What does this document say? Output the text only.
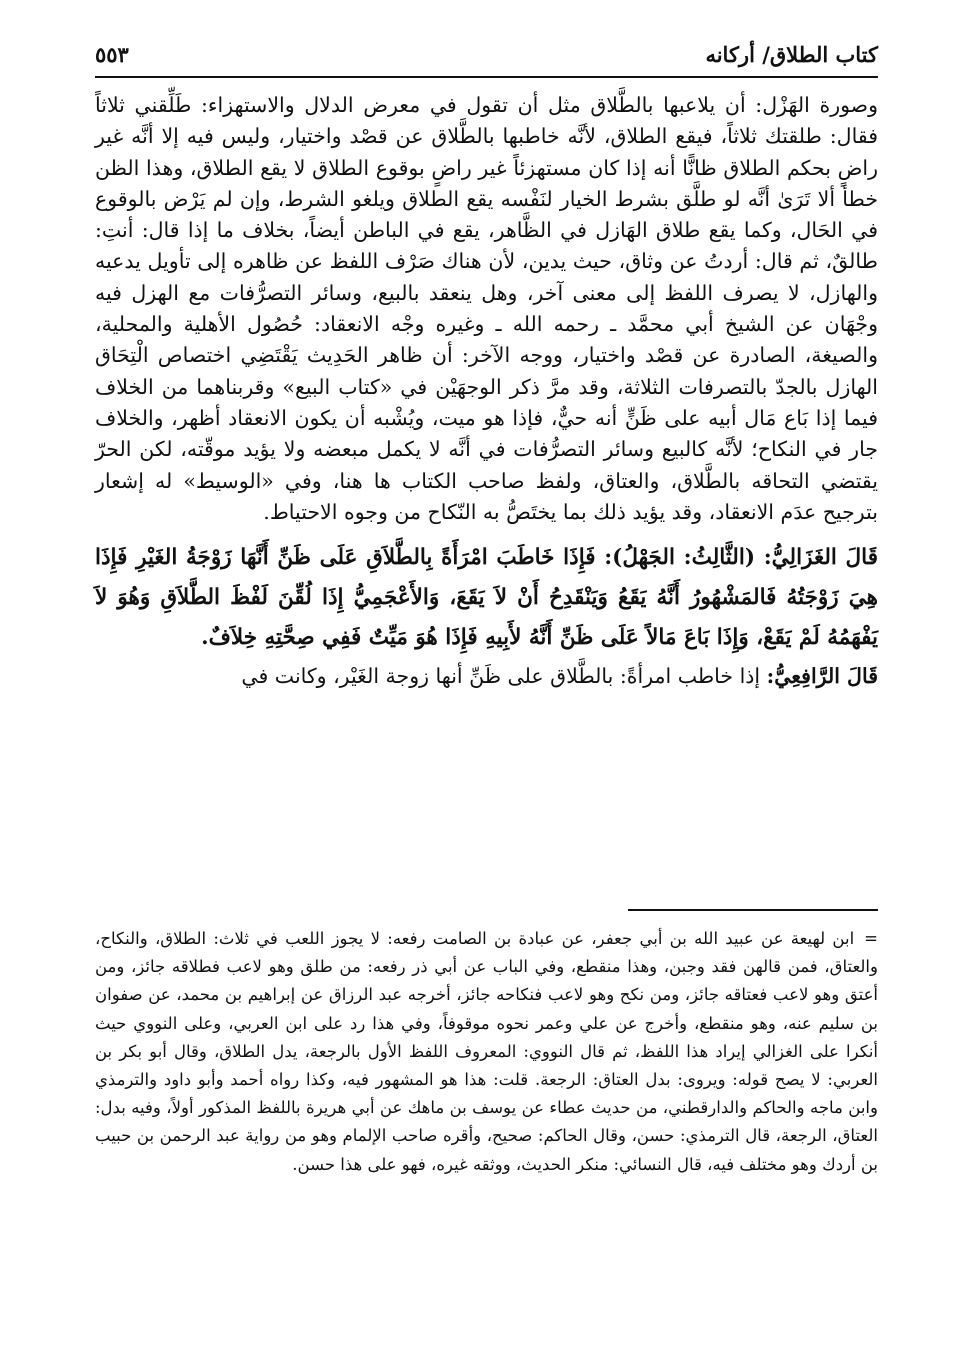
كتاب الطلاق/ أركانه
٥٥٣

وصورة الهَزْل: أن يلاعبها بالطَّلاق مثل أن تقول في معرض الدلال والاستهزاء: طَلِّقني ثلاثاً فقال: طلقتك ثلاثاً، فيقع الطلاق، لأنَّه خاطبها بالطَّلاق عن قصْد واختيار، وليس فيه إلا أنَّه غير راضٍ بحكم الطلاق ظانًّا أنه إذا كان مستهزئاً غير راضٍ بوقوع الطلاق لا يقع الطلاق، وهذا الظن خطأ ألا تَرَىٰ أنَّه لو طلَّق بشرط الخيار لنَفْسه يقع الطلاق ويلغو الشرط، وإن لم يَرْض بالوقوع في الحَال، وكما يقع طلاق الهَازل في الظَّاهر، يقع في الباطن أيضاً، بخلاف ما إذا قال: أنتِ: طالقٌ، ثم قال: أردتُ عن وثاق، حيث يدين، لأن هناك صَرْف اللفظ عن ظاهره إلى تأويل يدعيه والهازل، لا يصرف اللفظ إلى معنى آخر، وهل ينعقد بالبيع، وسائر التصرُّفات مع الهزل فيه وجْهَان عن الشيخ أبي محمَّد ـ رحمه الله ـ وغيره وجْه الانعقاد: حُصُول الأهلية والمحلية، والصيغة، الصادرة عن قصْد واختيار، ووجه الآخر: أن ظاهر الحَدِيث يَقْتَضِي اختصاص الْتِحَاق الهازل بالجدّ بالتصرفات الثلاثة، وقد مرَّ ذكر الوجهَيْن في «كتاب البيع» وقربناهما من الخلاف فيما إذا بَاع مَال أبيه على ظَنٍّ أنه حيٌّ، فإذا هو ميت، ويُشْبه أن يكون الانعقاد أظهر، والخلاف جار في النكاح؛ لأنَّه كالبيع وسائر التصرُّفات في أنَّه لا يكمل مبعضه ولا يؤيد موقّته، لكن الحرّ يقتضي التحاقه بالطَّلاق، والعتاق، ولفظ صاحب الكتاب ها هنا، وفي «الوسيط» له إشعار بترجيح عدَم الانعقاد، وقد يؤيد ذلك بما يختَصُّ به النّكاح من وجوه الاحتياط.

قَالَ الغَزَالِيُّ: (الثَّالِثُ: الجَهْلُ): فَإِذَا خَاطَبَ امْرَأَةً بِالطَّلاَقِ عَلَى ظَنِّ أَنَّهَا زَوْجَةُ الغَيْرِ فَإِذَا هِيَ زَوْجَتُهُ فَالمَشْهُورُ أَنَّهُ يَقَعُ وَيَنْقَدِحُ أَنْ لاَ يَقَعَ، وَالأَعْجَمِيُّ إِذَا لُقِّنَ لَفْظَ الطَّلاَقِ وَهُوَ لاَ يَفْهَمُهُ لَمْ يَقَعْ، وَإِذَا بَاعَ مَالاً عَلَى ظَنِّ أَنَّهُ لأَبِيهِ فَإِذَا هُوَ مَيِّتٌ فَفِي صِحَّتِهِ خِلاَفٌ.

قَالَ الرَّافِعِيُّ: إذا خاطب امرأةً: بالطَّلاق على ظَنِّ أنها زوجة الغَيْر، وكانت في

=ابن لهيعة عن عبيد الله بن أبي جعفر، عن عبادة بن الصامت رفعه: لا يجوز اللعب في ثلاث: الطلاق، والنكاح، والعتاق، فمن قالهن فقد وجبن، وهذا منقطع، وفي الباب عن أبي ذر رفعه: من طلق وهو لاعب فطلاقه جائز، ومن أعتق وهو لاعب فعتاقه جائز، ومن نكح وهو لاعب فنكاحه جائز، أخرجه عبد الرزاق عن إبراهيم بن محمد، عن صفوان بن سليم عنه، وهو منقطع، وأخرج عن علي وعمر نحوه موقوفاً، وفي هذا رد على ابن العربي، وعلى النووي حيث أنكرا على الغزالي إيراد هذا اللفظ، ثم قال النووي: المعروف اللفظ الأول بالرجعة، يدل الطلاق، وقال أبو بكر بن العربي: لا يصح قوله: ويروى: بدل العتاق: الرجعة. قلت: هذا هو المشهور فيه، وكذا رواه أحمد وأبو داود والترمذي وابن ماجه والحاكم والدارقطني، من حديث عطاء عن يوسف بن ماهك عن أبي هريرة باللفظ المذكور أولاً، وفيه بدل: العتاق، الرجعة، قال الترمذي: حسن، وقال الحاكم: صحيح، وأقره صاحب الإلمام وهو من رواية عبد الرحمن بن حبيب بن أردك وهو مختلف فيه، قال النسائي: منكر الحديث، ووثقه غيره، فهو على هذا حسن.
